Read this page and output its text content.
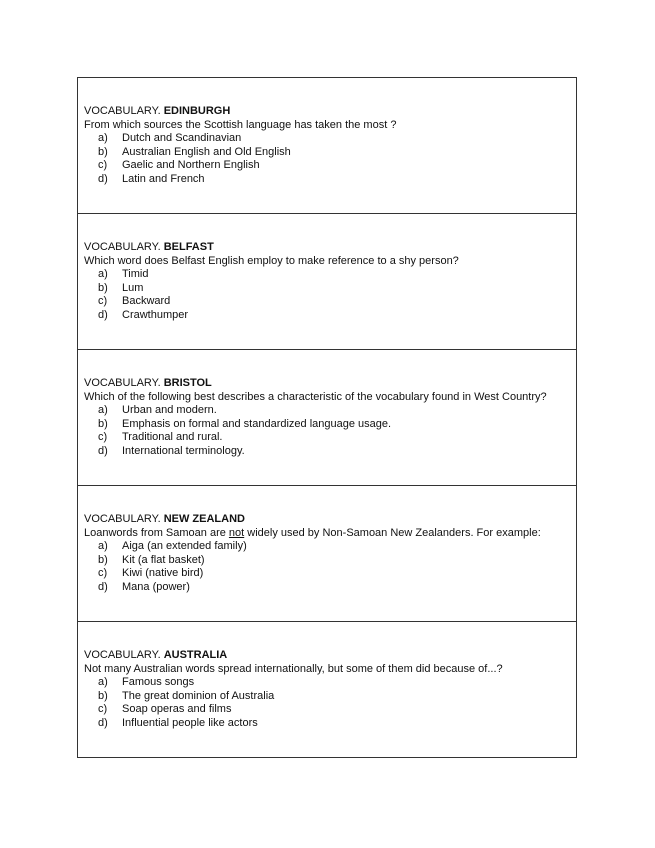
VOCABULARY. EDINBURGH

From which sources the Scottish language has taken the most ?

a)	Dutch and Scandinavian
b)	Australian English and Old English
c)	Gaelic and Northern English
d)	Latin and French
VOCABULARY. BELFAST

Which word does Belfast English employ to make reference to a shy person?

a)	Timid
b)	Lum
c)	Backward
d)	Crawthumper
VOCABULARY. BRISTOL

Which of the following best describes a characteristic of the vocabulary found in West Country?

a)	Urban and modern.
b)	Emphasis on formal and standardized language usage.
c)	Traditional and rural.
d)	International terminology.
VOCABULARY. NEW ZEALAND

Loanwords from Samoan are not widely used by Non-Samoan New Zealanders. For example:

a)	Aiga (an extended family)
b)	Kit (a flat basket)
c)	Kiwi (native bird)
d)	Mana (power)
VOCABULARY. AUSTRALIA

Not many Australian words spread internationally, but some of them did because of...?

a)	Famous songs
b)	The great dominion of Australia
c)	Soap operas and films
d)	Influential people like actors
